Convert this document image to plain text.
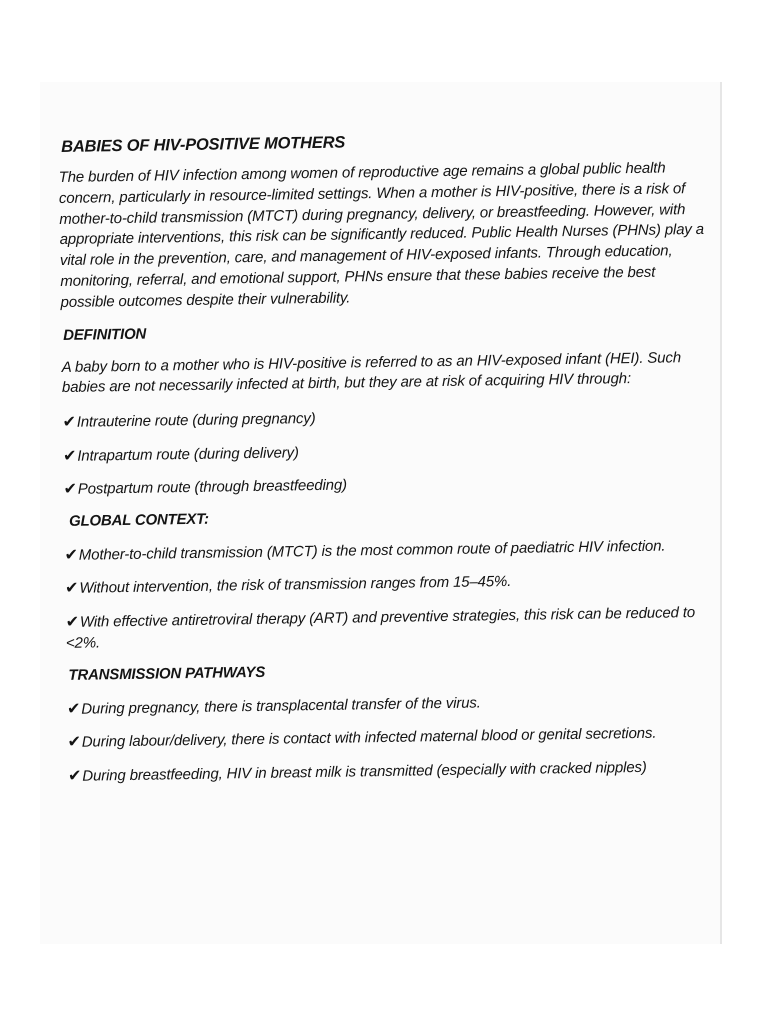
BABIES OF HIV-POSITIVE MOTHERS

The burden of HIV infection among women of reproductive age remains a global public health concern, particularly in resource-limited settings. When a mother is HIV-positive, there is a risk of mother-to-child transmission (MTCT) during pregnancy, delivery, or breastfeeding. However, with appropriate interventions, this risk can be significantly reduced. Public Health Nurses (PHNs) play a vital role in the prevention, care, and management of HIV-exposed infants. Through education, monitoring, referral, and emotional support, PHNs ensure that these babies receive the best possible outcomes despite their vulnerability.

DEFINITION

A baby born to a mother who is HIV-positive is referred to as an HIV-exposed infant (HEI). Such babies are not necessarily infected at birth, but they are at risk of acquiring HIV through:

✔Intrauterine route (during pregnancy)

✔Intrapartum route (during delivery)

✔Postpartum route (through breastfeeding)

GLOBAL CONTEXT:

✔Mother-to-child transmission (MTCT) is the most common route of paediatric HIV infection.

✔Without intervention, the risk of transmission ranges from 15–45%.

✔With effective antiretroviral therapy (ART) and preventive strategies, this risk can be reduced to <2%.

TRANSMISSION PATHWAYS

✔During pregnancy, there is transplacental transfer of the virus.

✔During labour/delivery, there is contact with infected maternal blood or genital secretions.

✔During breastfeeding, HIV in breast milk is transmitted (especially with cracked nipples)
